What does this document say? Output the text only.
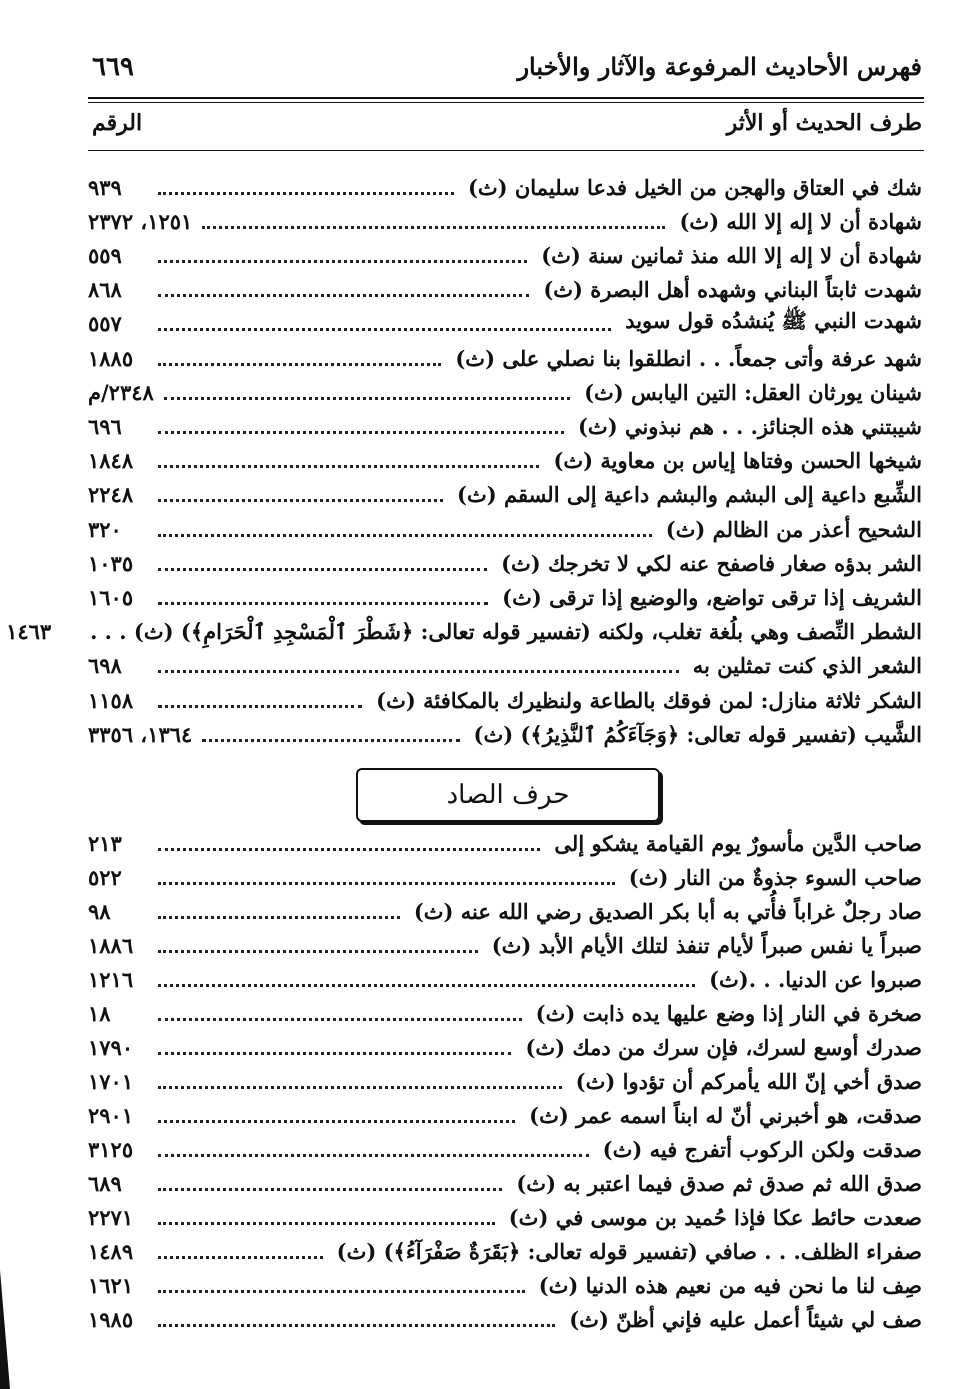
فهرس الأحاديث المرفوعة والآثار والأخبار
٦٦٩
طرف الحديث أو الأثر
الرقم
شك في العتاق والهجن من الخيل فدعا سليمان (ث)
٩٣٩
شهادة أن لا إله إلا الله (ث)
١٢٥١، ٢٣٧٢
شهادة أن لا إله إلا الله منذ ثمانين سنة (ث)
٥٥٩
شهدت ثابتاً البناني وشهده أهل البصرة (ث)
٨٦٨
شهدت النبي ﷺ يُنشدُه قول سويد
٥٥٧
شهد عرفة وأتى جمعاً. . . انطلقوا بنا نصلي على (ث)
١٨٨٥
شينان يورثان العقل: التين اليابس (ث)
٢٣٤٨/م
شيبتني هذه الجنائز. . . هم نبذوني (ث)
٦٩٦
شيخها الحسن وفتاها إياس بن معاوية (ث)
١٨٤٨
الشِّبع داعية إلى البشم والبشم داعية إلى السقم (ث)
٢٢٤٨
الشحيح أعذر من الظالم (ث)
٣٢٠
الشر بدؤه صغار فاصفح عنه لكي لا تخرجك (ث)
١٠٣٥
الشريف إذا ترقى تواضع، والوضيع إذا ترقى (ث)
١٦٠٥
الشطر النِّصف وهي بلُغة تغلب، ولكنه (تفسير قوله تعالى: ﴿شَطْرَ ٱلْمَسْجِدِ ٱلْحَرَامِ﴾) (ث) . . .
١٤٦٣
الشعر الذي كنت تمثلين به
٦٩٨
الشكر ثلاثة منازل: لمن فوقك بالطاعة ولنظيرك بالمكافئة (ث)
١١٥٨
الشَّيب (تفسير قوله تعالى: ﴿وَجَآءَكُمُ ٱلنَّذِيرُ﴾) (ث)
١٣٦٤، ٣٣٥٦
حرف الصاد
صاحب الدَّين مأسورٌ يوم القيامة يشكو إلى
٢١٣
صاحب السوء جذوةٌ من النار (ث)
٥٢٢
صاد رجلٌ غراباً فأُتي به أبا بكر الصديق رضي الله عنه (ث)
٩٨
صبراً يا نفس صبراً لأيام تنفذ لتلك الأيام الأبد (ث)
١٨٨٦
صبروا عن الدنيا. . .(ث)
١٢١٦
صخرة في النار إذا وضع عليها يده ذابت (ث)
١٨
صدرك أوسع لسرك، فإن سرك من دمك (ث)
١٧٩٠
صدق أخي إنّ الله يأمركم أن تؤدوا (ث)
١٧٠١
صدقت، هو أخبرني أنّ له ابناً اسمه عمر (ث)
٢٩٠١
صدقت ولكن الركوب أتفرج فيه (ث)
٣١٢٥
صدق الله ثم صدق ثم صدق فيما اعتبر به (ث)
٦٨٩
صعدت حائط عكا فإذا حُميد بن موسى في (ث)
٢٢٧١
صفراء الظلف. . . صافي (تفسير قوله تعالى: ﴿بَقَرَةٌ صَفْرَآءُ﴾) (ث)
١٤٨٩
صِف لنا ما نحن فيه من نعيم هذه الدنيا (ث)
١٦٢١
صف لي شيئاً أعمل عليه فإني أظنّ (ث)
١٩٨٥
